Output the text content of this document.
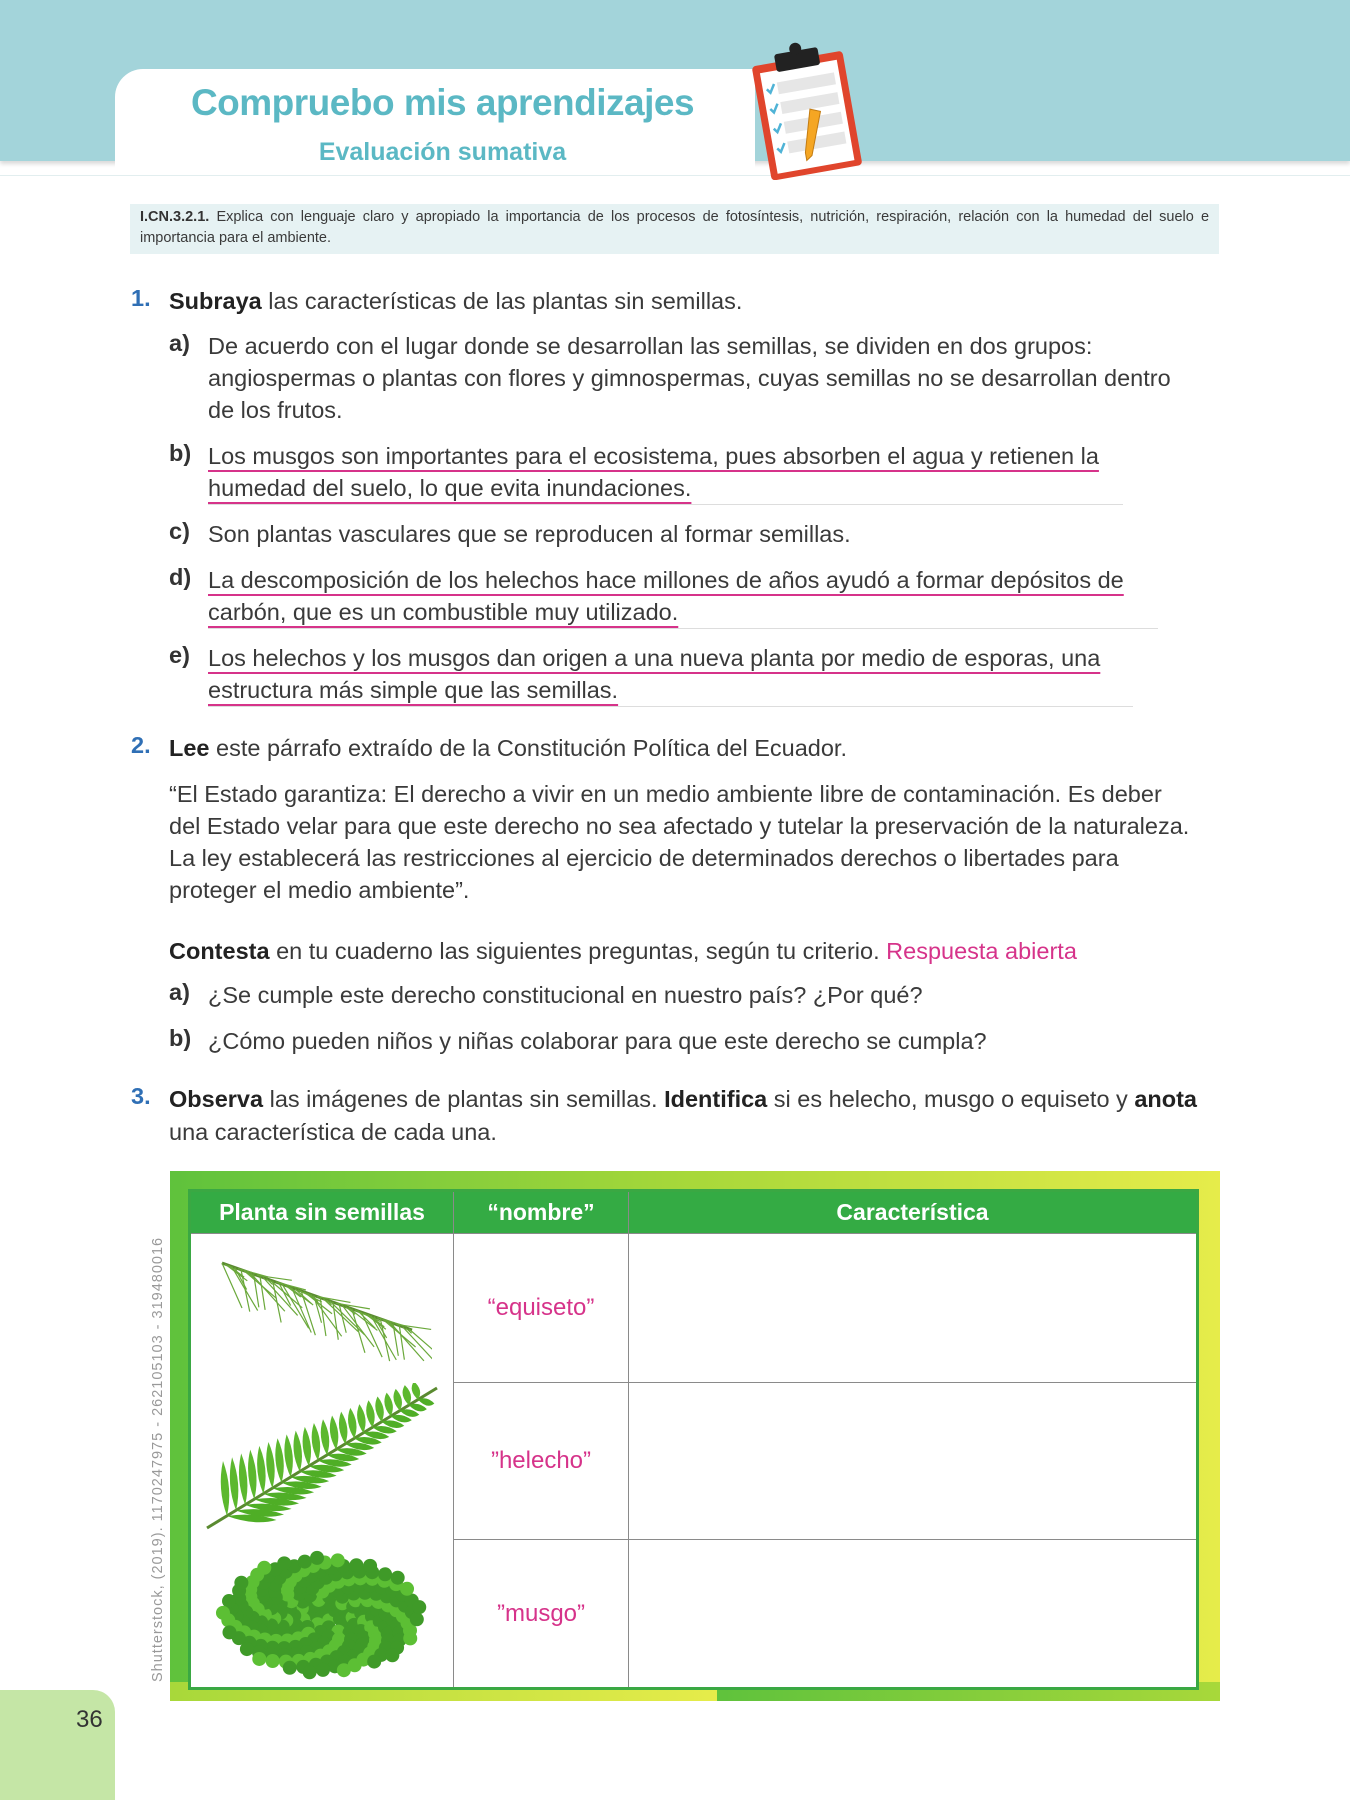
Compruebo mis aprendizajes
Evaluación sumativa
I.CN.3.2.1. Explica con lenguaje claro y apropiado la importancia de los procesos de fotosíntesis, nutrición, respiración, relación con la humedad del suelo e importancia para el ambiente.
1. Subraya las características de las plantas sin semillas.
a) De acuerdo con el lugar donde se desarrollan las semillas, se dividen en dos grupos:
angiospermas o plantas con flores y gimnospermas, cuyas semillas no se desarrollan dentro
de los frutos.
b) Los musgos son importantes para el ecosistema, pues absorben el agua y retienen la
humedad del suelo, lo que evita inundaciones.
c) Son plantas vasculares que se reproducen al formar semillas.
d) La descomposición de los helechos hace millones de años ayudó a formar depósitos de
carbón, que es un combustible muy utilizado.
e) Los helechos y los musgos dan origen a una nueva planta por medio de esporas, una
estructura más simple que las semillas.
2. Lee este párrafo extraído de la Constitución Política del Ecuador.
“El Estado garantiza: El derecho a vivir en un medio ambiente libre de contaminación. Es deber
del Estado velar para que este derecho no sea afectado y tutelar la preservación de la naturaleza.
La ley establecerá las restricciones al ejercicio de determinados derechos o libertades para
proteger el medio ambiente”.
Contesta en tu cuaderno las siguientes preguntas, según tu criterio. Respuesta abierta
a) ¿Se cumple este derecho constitucional en nuestro país? ¿Por qué?
b) ¿Cómo pueden niños y niñas colaborar para que este derecho se cumpla?
3. Observa las imágenes de plantas sin semillas. Identifica si es helecho, musgo o equiseto y anota
una característica de cada una.
Planta sin semillas	“nombre”	Característica
	“equiseto”	
	”helecho”	
	”musgo”	
Shutterstock, (2019). 1170247975 - 262105103 - 319480016
36
